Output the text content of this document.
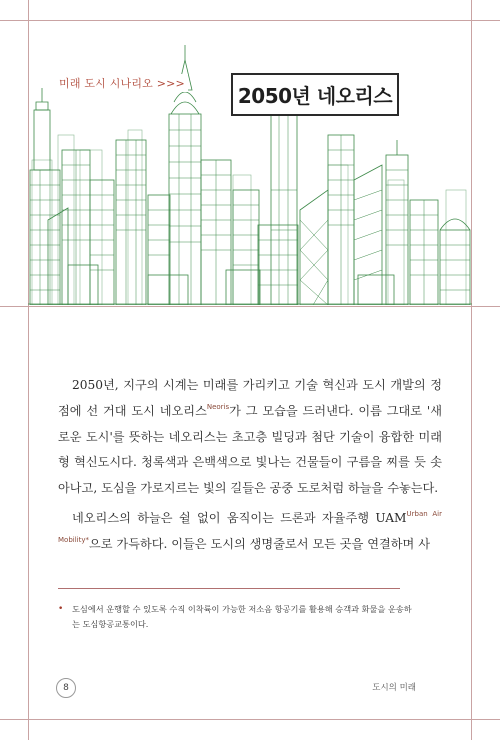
미래 도시 시나리오 >>>
2050년 네오리스

2050년, 지구의 시계는 미래를 가리키고 기술 혁신과 도시 개발의 정점에 선 거대 도시 네오리스$^{Neoris}$가 그 모습을 드러낸다. 이름 그대로 '새로운 도시'를 뜻하는 네오리스는 초고층 빌딩과 첨단 기술이 융합한 미래형 혁신도시다. 청록색과 은백색으로 빛나는 건물들이 구름을 찌를 듯 솟아나고, 도심을 가로지르는 빛의 길들은 공중 도로처럼 하늘을 수놓는다.

네오리스의 하늘은 쉴 없이 움직이는 드론과 자율주행 $UAM^{Urban Air Mobility*}$으로 가득하다. 이들은 도시의 생명줄로서 모든 곳을 연결하며 사

•	도심에서 운행할 수 있도록 수직 이착륙이 가능한 저소음 항공기를 활용해 승객과 화물을 운송하는 도심항공교통이다.
8	도시의 미래
